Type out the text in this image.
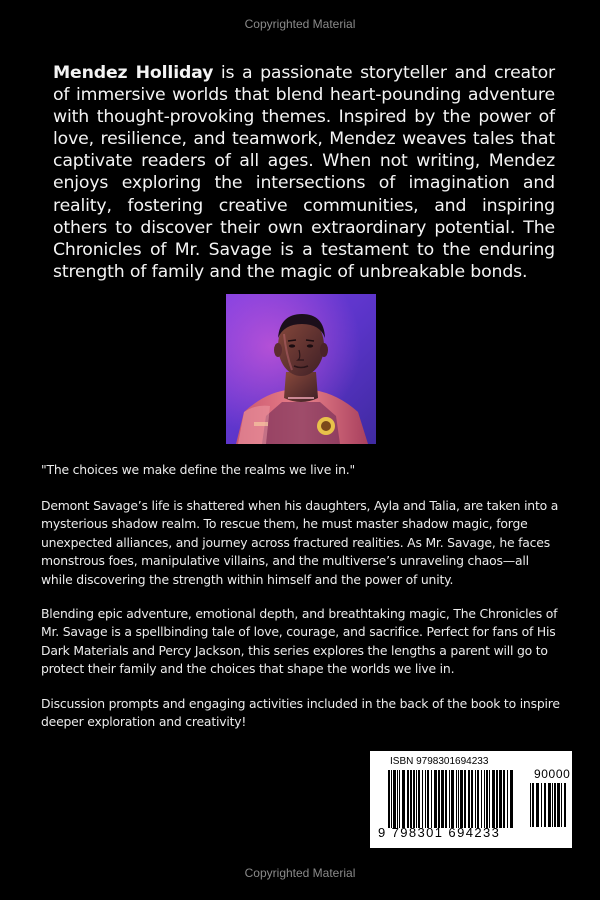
Copyrighted Material
Mendez Holliday is a passionate storyteller and creator of immersive worlds that blend heart-pounding adventure with thought-provoking themes. Inspired by the power of love, resilience, and teamwork, Mendez weaves tales that captivate readers of all ages. When not writing, Mendez enjoys exploring the intersections of imagination and reality, fostering creative communities, and inspiring others to discover their own extraordinary potential. The Chronicles of Mr. Savage is a testament to the enduring strength of family and the magic of unbreakable bonds.
"The choices we make define the realms we live in."
Demont Savage’s life is shattered when his daughters, Ayla and Talia, are taken into a mysterious shadow realm. To rescue them, he must master shadow magic, forge unexpected alliances, and journey across fractured realities. As Mr. Savage, he faces monstrous foes, manipulative villains, and the multiverse’s unraveling chaos—all while discovering the strength within himself and the power of unity.
Blending epic adventure, emotional depth, and breathtaking magic, The Chronicles of Mr. Savage is a spellbinding tale of love, courage, and sacrifice. Perfect for fans of His Dark Materials and Percy Jackson, this series explores the lengths a parent will go to protect their family and the choices that shape the worlds we live in.
Discussion prompts and engaging activities included in the back of the book to inspire deeper exploration and creativity!
ISBN 9798301694233
90000
9 798301 694233
Copyrighted Material
